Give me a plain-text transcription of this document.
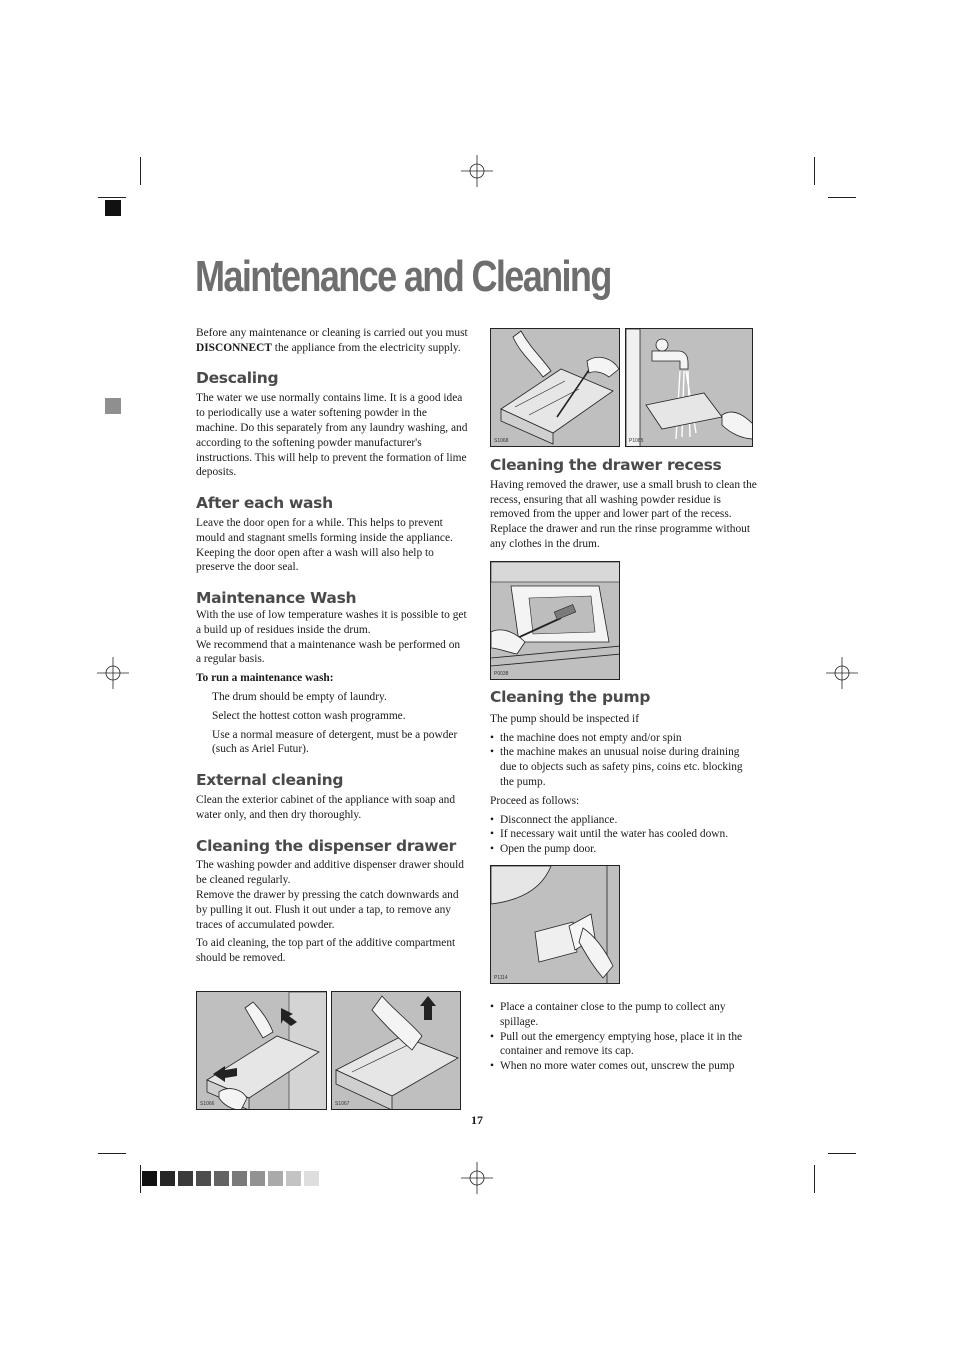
Maintenance and Cleaning

Before any maintenance or cleaning is carried out you must DISCONNECT the appliance from the electricity supply.

Descaling

The water we use normally contains lime. It is a good idea to periodically use a water softening powder in the machine. Do this separately from any laundry washing, and according to the softening powder manufacturer's instructions. This will help to prevent the formation of lime deposits.

After each wash

Leave the door open for a while. This helps to prevent mould and stagnant smells forming inside the appliance. Keeping the door open after a wash will also help to preserve the door seal.

Maintenance Wash

With the use of low temperature washes it is possible to get a build up of residues inside the drum.

We recommend that a maintenance wash be performed on a regular basis.

To run a maintenance wash:

The drum should be empty of laundry.

Select the hottest cotton wash programme.

Use a normal measure of detergent, must be a powder (such as Ariel Futur).

External cleaning

Clean the exterior cabinet of the appliance with soap and water only, and then dry thoroughly.

Cleaning the dispenser drawer

The washing powder and additive dispenser drawer should be cleaned regularly.

Remove the drawer by pressing the catch downwards and by pulling it out. Flush it out under a tap, to remove any traces of accumulated powder.

To aid cleaning, the top part of the additive compartment should be removed.

Cleaning the drawer recess

Having removed the drawer, use a small brush to clean the recess, ensuring that all washing powder residue is removed from the upper and lower part of the recess. Replace the drawer and run the rinse programme without any clothes in the drum.

Cleaning the pump

The pump should be inspected if

• the machine does not empty and/or spin
• the machine makes an unusual noise during draining due to objects such as safety pins, coins etc. blocking the pump.

Proceed as follows:

• Disconnect the appliance.
• If necessary wait until the water has cooled down.
• Open the pump door.
• Place a container close to the pump to collect any spillage.
• Pull out the emergency emptying hose, place it in the container and remove its cap.
• When no more water comes out, unscrew the pump
S1068	P1085
P0038
P1114
S1066	S1067
17
